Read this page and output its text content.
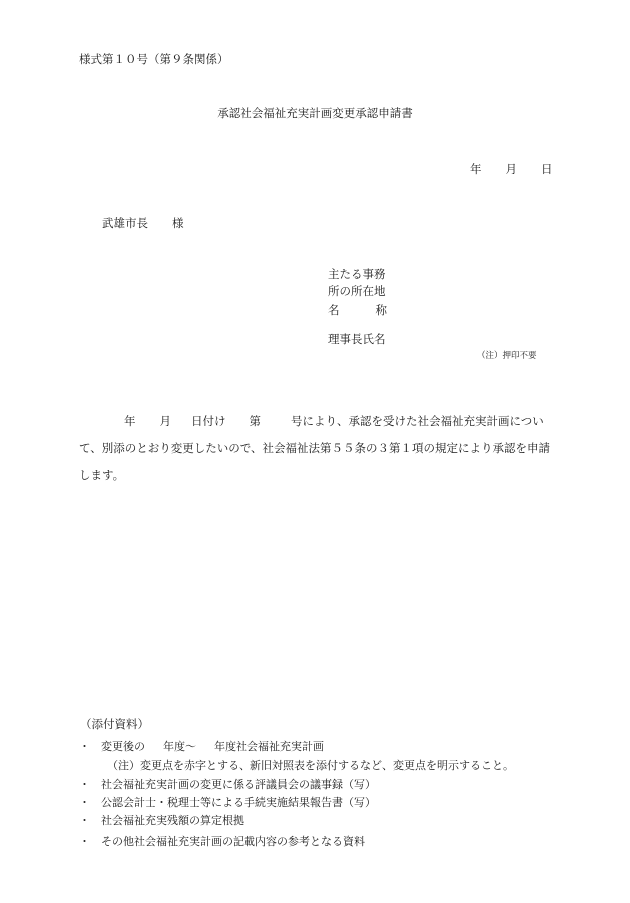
様式第１０号（第９条関係）
承認社会福祉充実計画変更承認申請書
年 月 日
武雄市長 様
主たる事務
所の所在地
名	称
理事長氏名
（注）押印不要
年 月 日付け 第	号により、承認を受けた社会福祉充実計画について、別添のとおり変更したいので、社会福祉法第５５条の３第１項の規定により承認を申請します。
（添付資料）
・ 変更後の 年度～ 年度社会福祉充実計画
（注）変更点を赤字とする、新旧対照表を添付するなど、変更点を明示すること。
・ 社会福祉充実計画の変更に係る評議員会の議事録（写）
・ 公認会計士・税理士等による手続実施結果報告書（写）
・ 社会福祉充実残額の算定根拠
・ その他社会福祉充実計画の記載内容の参考となる資料
